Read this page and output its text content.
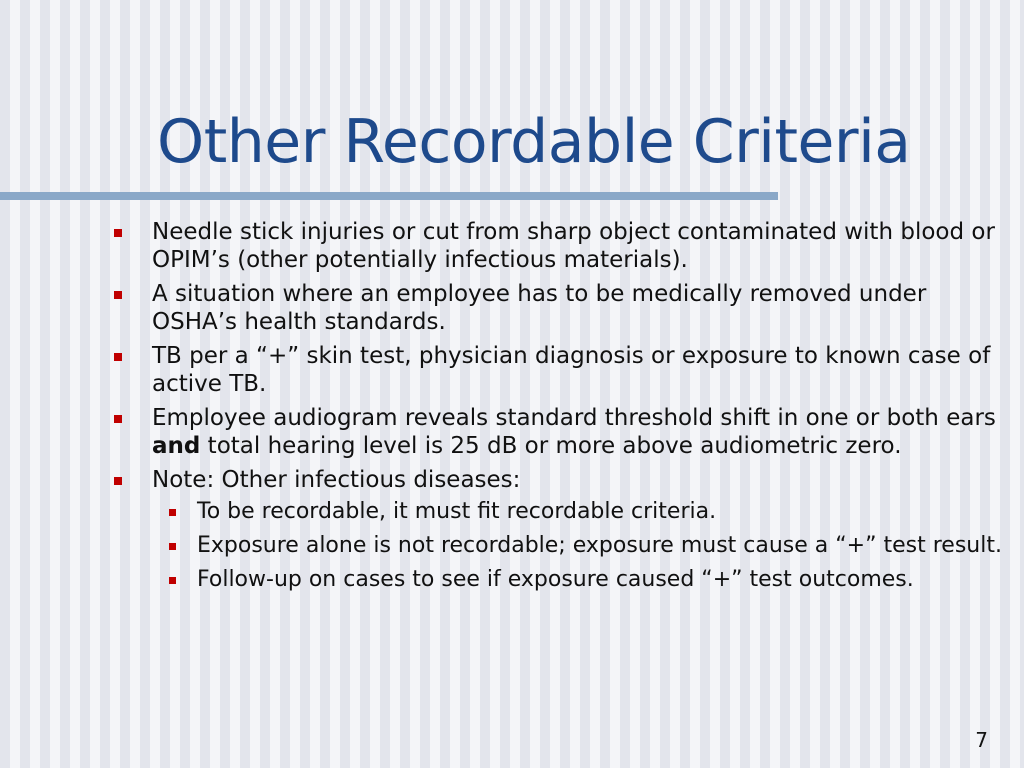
Other Recordable Criteria
Needle stick injuries or cut from sharp object contaminated with blood or OPIM’s (other potentially infectious materials).
A situation where an employee has to be medically removed under OSHA’s health standards.
TB per a “+” skin test, physician diagnosis or exposure to known case of active TB.
Employee audiogram reveals standard threshold shift in one or both ears and total hearing level is 25 dB or more above audiometric zero.
Note: Other infectious diseases:
To be recordable, it must fit recordable criteria.
Exposure alone is not recordable; exposure must cause a “+” test result.
Follow-up on cases to see if exposure caused “+” test outcomes.
7
